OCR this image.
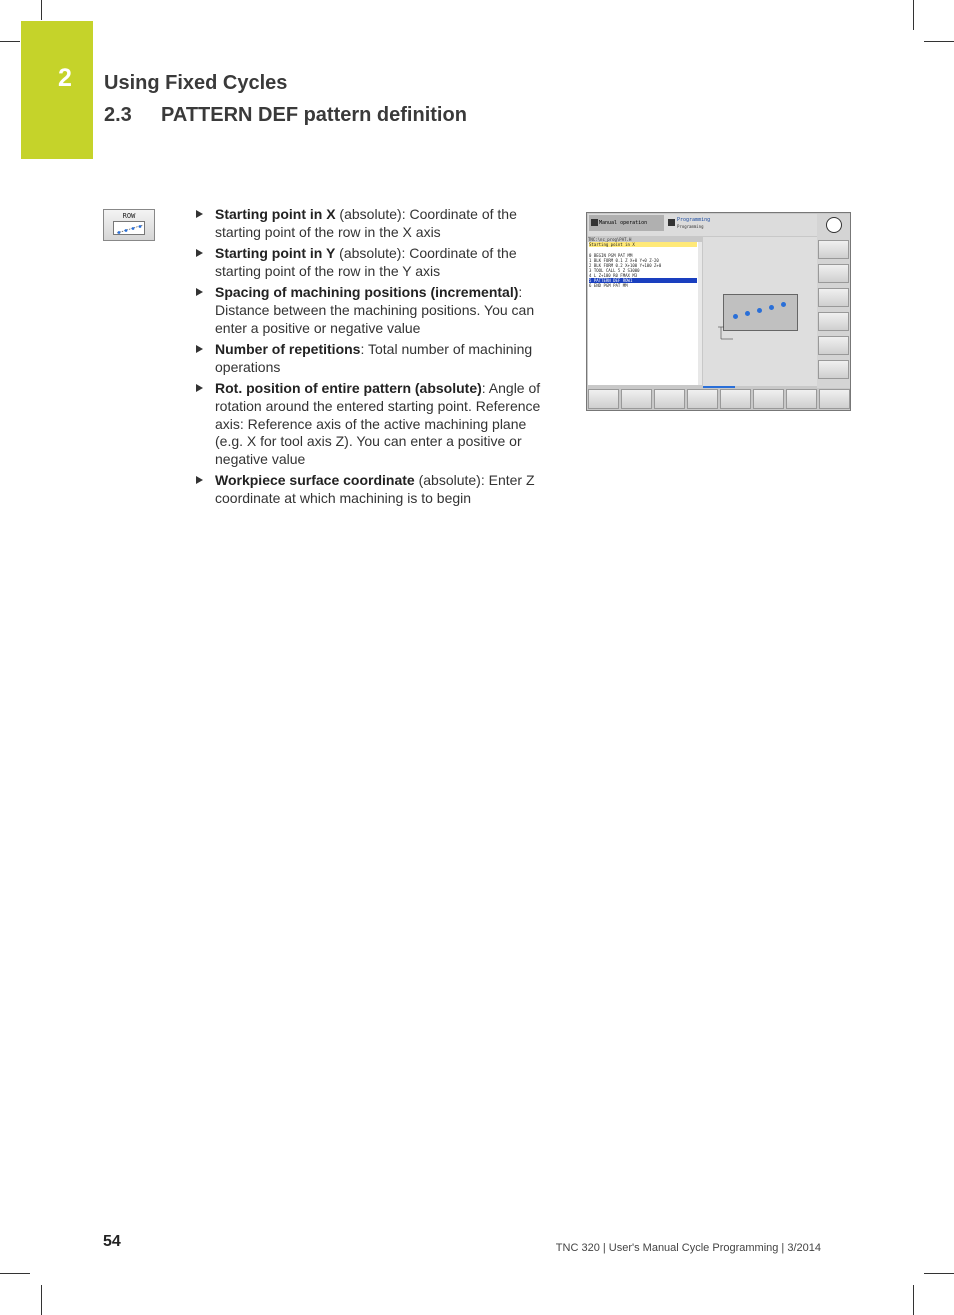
2 Using Fixed Cycles
2.3 PATTERN DEF pattern definition
ROW	Starting point in X (absolute): Coordinate of the starting point of the row in the X axis
Starting point in Y (absolute): Coordinate of the starting point of the row in the Y axis
Spacing of machining positions (incremental): Distance between the machining positions. You can enter a positive or negative value
Number of repetitions: Total number of machining operations
Rot. position of entire pattern (absolute): Angle of rotation around the entered starting point. Reference axis: Reference axis of the active machining plane (e.g. X for tool axis Z). You can enter a positive or negative value
Workpiece surface coordinate (absolute): Enter Z coordinate at which machining is to begin
Manual operation	Programming
Programming
TNC:\nc_prog\PAT.H
Starting point in X
0 BEGIN PGM PAT MM
1 BLK FORM 0.1 Z X+0 Y+0 Z-20
2 BLK FORM 0.2 X+100 Y+100 Z+0
3 TOOL CALL 5 Z S3000
4 L Z+100 R0 FMAX M3
5 PATTERN DEF ROW1
6 END PGM PAT MM
54	TNC 320 | User's Manual Cycle Programming | 3/2014
